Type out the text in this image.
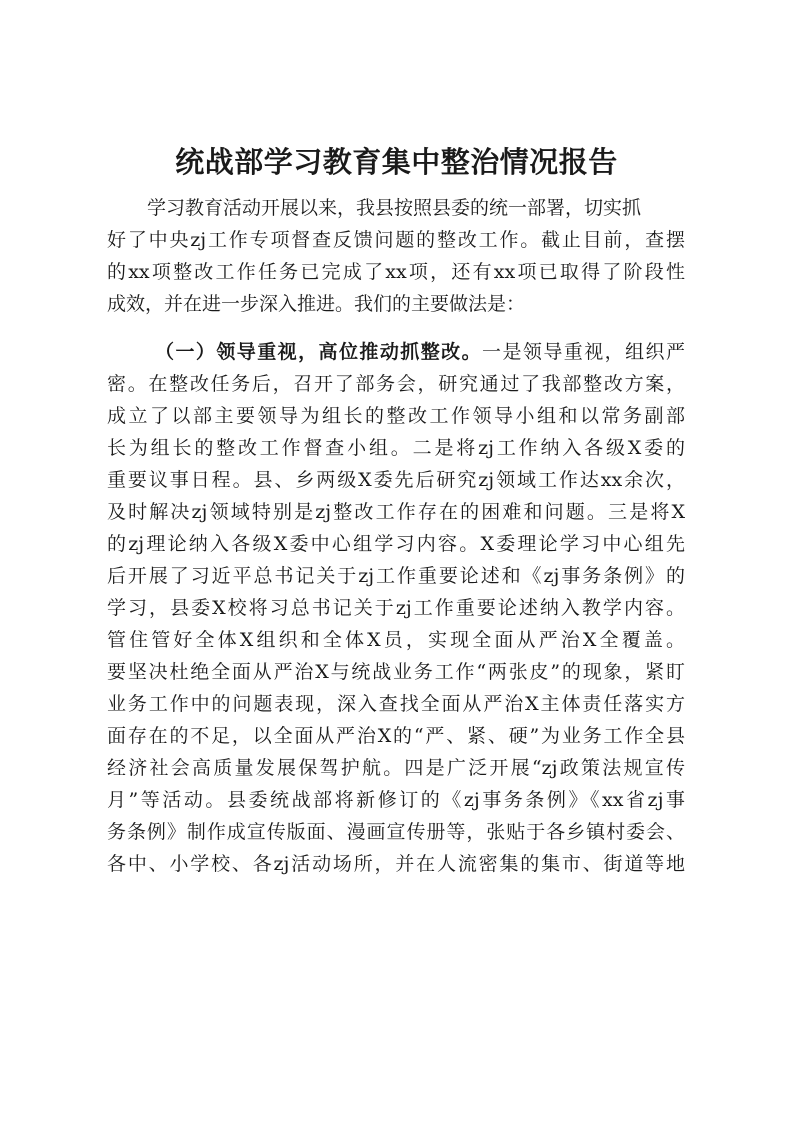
统战部学习教育集中整治情况报告
学习教育活动开展以来，我县按照县委的统一部署，切实抓
好了中央zj工作专项督查反馈问题的整改工作。截止目前，查摆
的xx项整改工作任务已完成了xx项，还有xx项已取得了阶段性
成效，并在进一步深入推进。我们的主要做法是：
（一）领导重视，高位推动抓整改。一是领导重视，组织严
密。在整改任务后，召开了部务会，研究通过了我部整改方案，
成立了以部主要领导为组长的整改工作领导小组和以常务副部
长为组长的整改工作督查小组。二是将zj工作纳入各级X委的
重要议事日程。县、乡两级X委先后研究zj领域工作达xx余次，
及时解决zj领域特别是zj整改工作存在的困难和问题。三是将X
的zj理论纳入各级X委中心组学习内容。X委理论学习中心组先
后开展了习近平总书记关于zj工作重要论述和《zj事务条例》的
学习，县委X校将习总书记关于zj工作重要论述纳入教学内容。
管住管好全体X组织和全体X员，实现全面从严治X全覆盖。
要坚决杜绝全面从严治X与统战业务工作“两张皮”的现象，紧盯
业务工作中的问题表现，深入查找全面从严治X主体责任落实方
面存在的不足，以全面从严治X的“严、紧、硬”为业务工作全县
经济社会高质量发展保驾护航。四是广泛开展“zj政策法规宣传
月”等活动。县委统战部将新修订的《zj事务条例》《xx省zj事
务条例》制作成宣传版面、漫画宣传册等，张贴于各乡镇村委会、
各中、小学校、各zj活动场所，并在人流密集的集市、街道等地
